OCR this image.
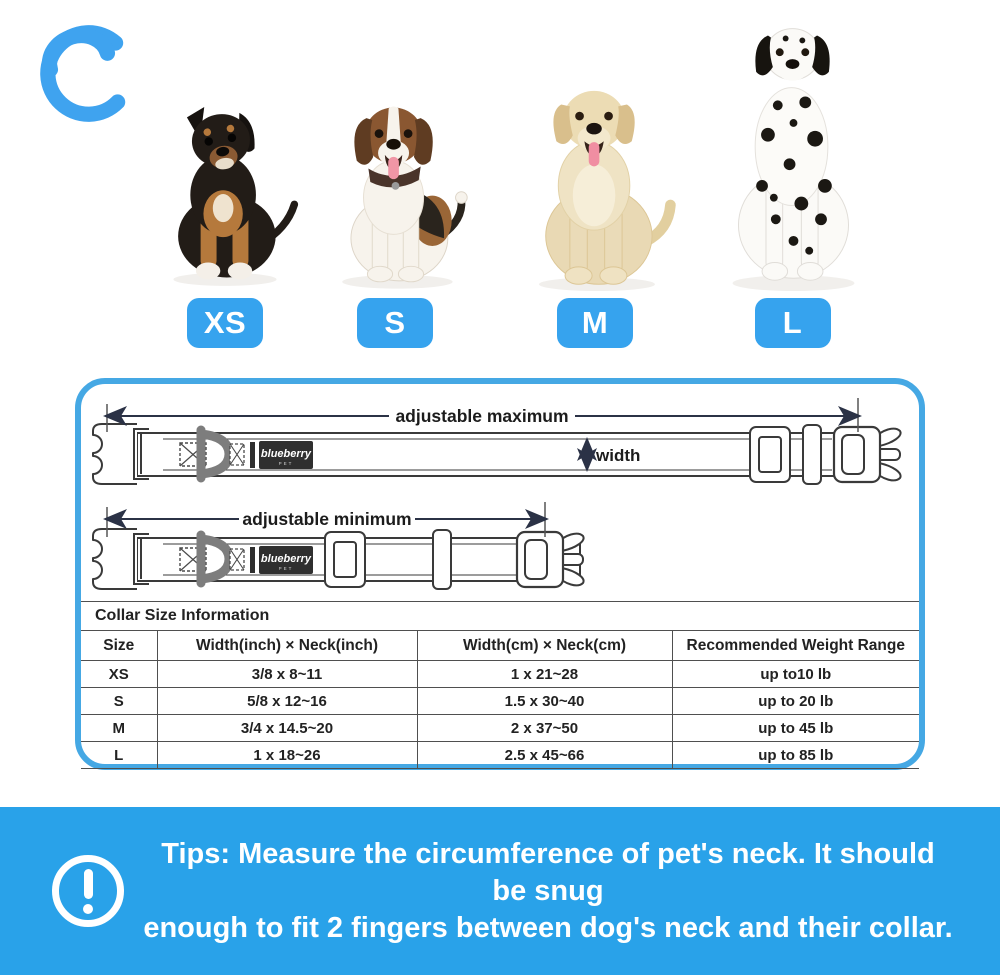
XS	S	M	L
width
adjustable maximum
adjustable minimum
Collar Size Information			
Size	Width(inch) × Neck(inch)	Width(cm) × Neck(cm)	Recommended Weight Range
XS	3/8 x 8~11	1 x 21~28	up to10 lb
S	5/8 x 12~16	1.5 x 30~40	up to 20 lb
M	3/4 x 14.5~20	2 x 37~50	up to 45 lb
L	1 x 18~26	2.5 x 45~66	up to 85 lb
Tips: Measure the circumference of pet's neck. It should be snug
enough to fit 2 fingers between dog's neck and their collar.
